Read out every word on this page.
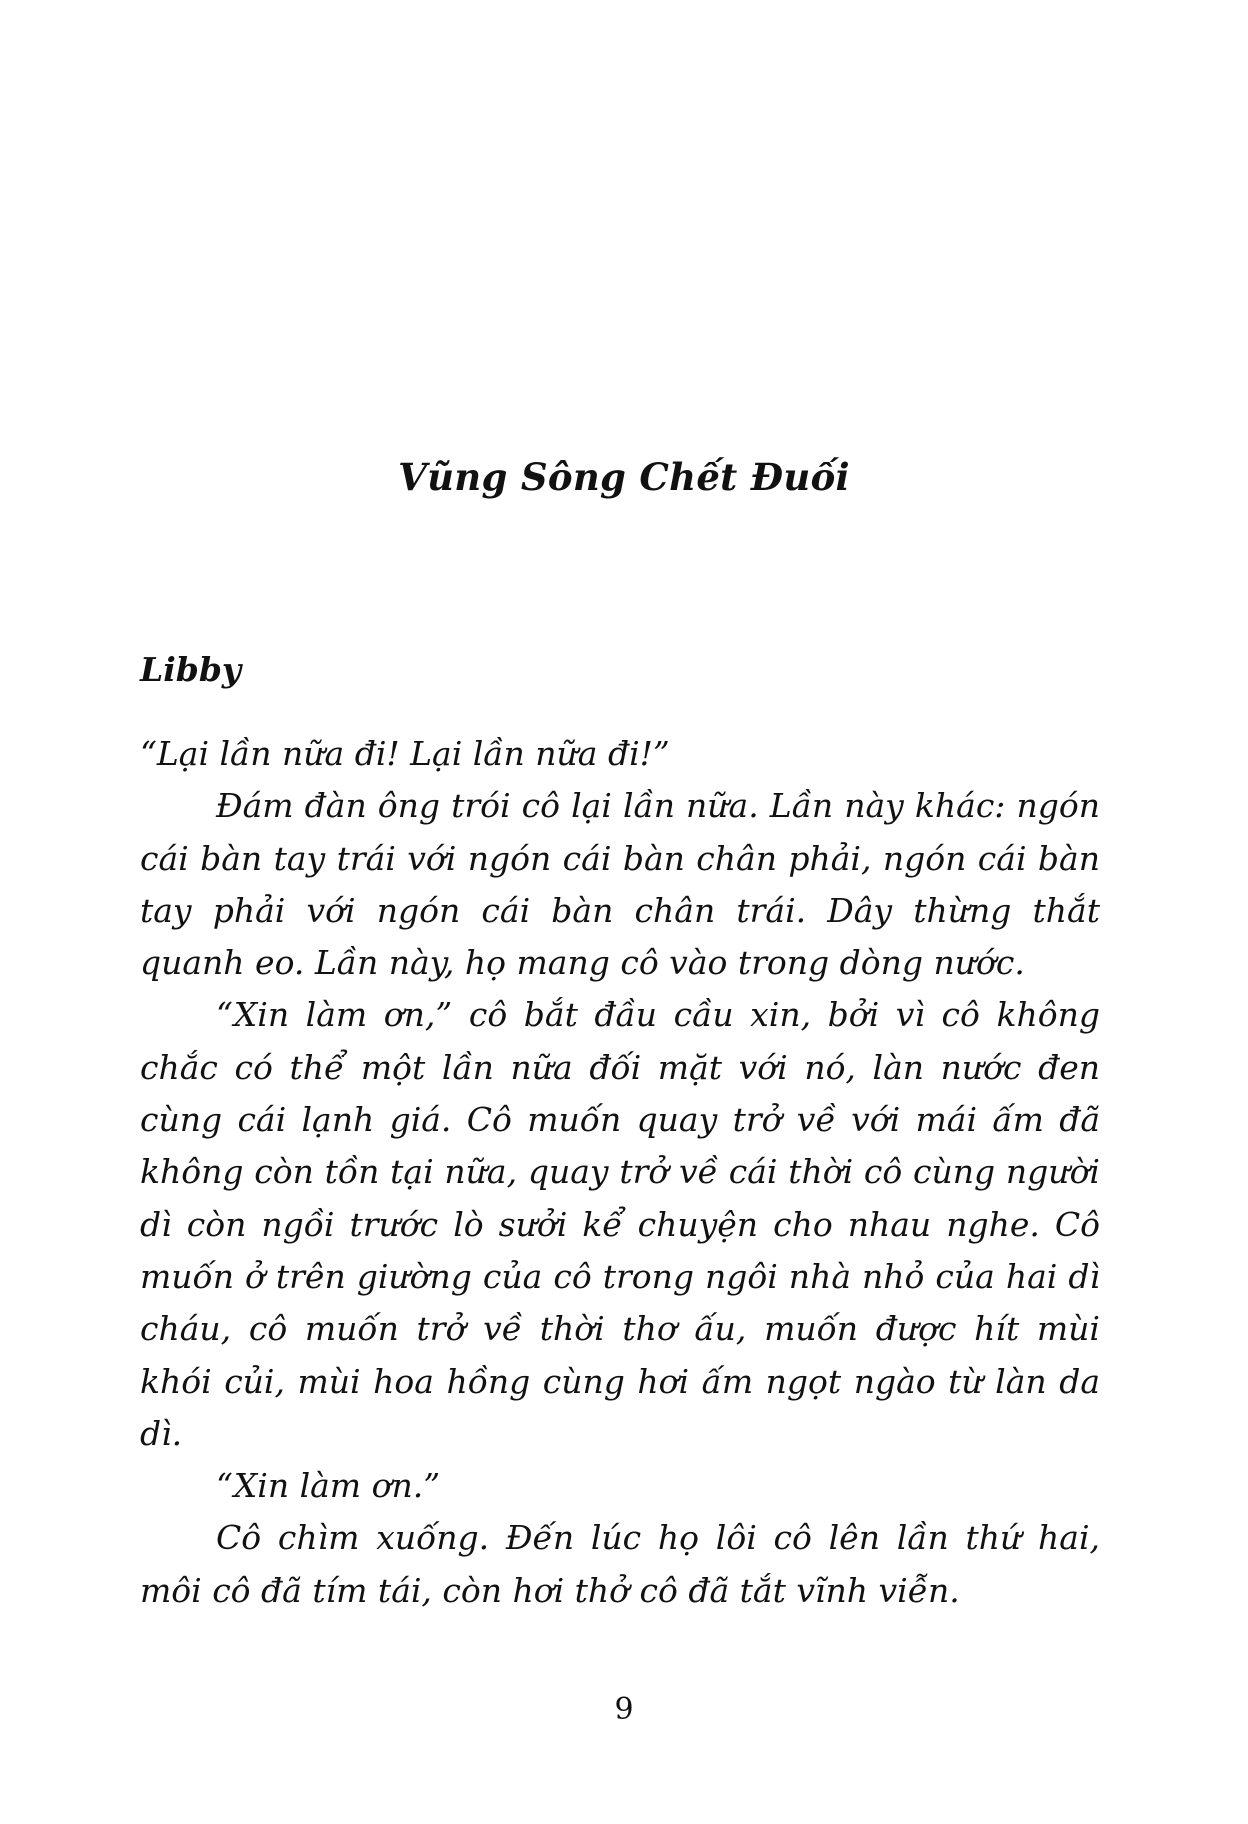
Vũng Sông Chết Đuối
Libby

“Lại lần nữa đi! Lại lần nữa đi!”

Đám đàn ông trói cô lại lần nữa. Lần này khác: ngón cái bàn tay trái với ngón cái bàn chân phải, ngón cái bàn tay phải với ngón cái bàn chân trái. Dây thừng thắt quanh eo. Lần này, họ mang cô vào trong dòng nước.

“Xin làm ơn,” cô bắt đầu cầu xin, bởi vì cô không chắc có thể một lần nữa đối mặt với nó, làn nước đen cùng cái lạnh giá. Cô muốn quay trở về với mái ấm đã không còn tồn tại nữa, quay trở về cái thời cô cùng người dì còn ngồi trước lò sưởi kể chuyện cho nhau nghe. Cô muốn ở trên giường của cô trong ngôi nhà nhỏ của hai dì cháu, cô muốn trở về thời thơ ấu, muốn được hít mùi khói củi, mùi hoa hồng cùng hơi ấm ngọt ngào từ làn da dì.

“Xin làm ơn.”

Cô chìm xuống. Đến lúc họ lôi cô lên lần thứ hai, môi cô đã tím tái, còn hơi thở cô đã tắt vĩnh viễn.

9
